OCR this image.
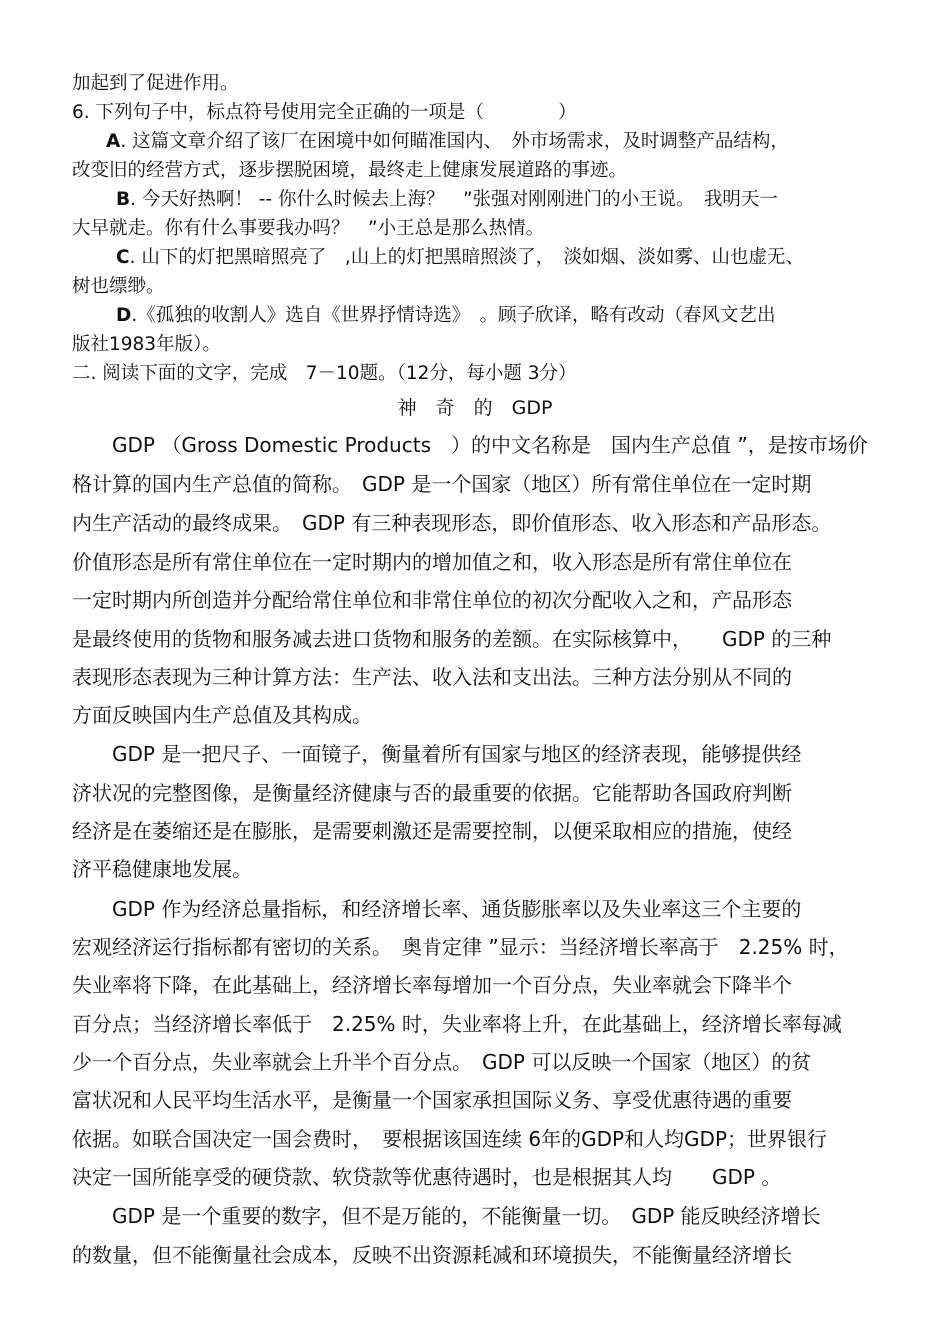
加起到了促进作用。
6. 下列句子中，标点符号使用完全正确的一项是（　　　　）
A. 这篇文章介绍了该厂在困境中如何瞄准国内、　外市场需求，及时调整产品结构，
改变旧的经营方式，逐步摆脱困境，最终走上健康发展道路的事迹。
B. 今天好热啊！ -- 你什么时候去上海？　”张强对刚刚进门的小王说。　我明天一
大早就走。你有什么事要我办吗？　”小王总是那么热情。
C. 山下的灯把黑暗照亮了　,山上的灯把黑暗照淡了，　淡如烟、淡如雾、山也虚无、
树也缥缈。
D.《孤独的收割人》选自《世界抒情诗选》　。顾子欣译，略有改动（春风文艺出
版社1983年版）。
二. 阅读下面的文字，完成　7－10题。（12分，每小题 3分）
神　奇　的　GDP
　　GDP （Gross Domestic Products　）的中文名称是　国内生产总值 ”，是按市场价
格计算的国内生产总值的简称。　GDP 是一个国家（地区）所有常住单位在一定时期
内生产活动的最终成果。　GDP 有三种表现形态，即价值形态、收入形态和产品形态。
价值形态是所有常住单位在一定时期内的增加值之和，收入形态是所有常住单位在
一定时期内所创造并分配给常住单位和非常住单位的初次分配收入之和，产品形态
是最终使用的货物和服务减去进口货物和服务的差额。在实际核算中，　　GDP 的三种
表现形态表现为三种计算方法：生产法、收入法和支出法。三种方法分别从不同的
方面反映国内生产总值及其构成。
　　GDP 是一把尺子、一面镜子，衡量着所有国家与地区的经济表现，能够提供经
济状况的完整图像，是衡量经济健康与否的最重要的依据。它能帮助各国政府判断
经济是在萎缩还是在膨胀，是需要刺激还是需要控制，以便采取相应的措施，使经
济平稳健康地发展。
　　GDP 作为经济总量指标，和经济增长率、通货膨胀率以及失业率这三个主要的
宏观经济运行指标都有密切的关系。　奥肯定律 ”显示：当经济增长率高于　2.25% 时，
失业率将下降，在此基础上，经济增长率每增加一个百分点，失业率就会下降半个
百分点；当经济增长率低于　2.25% 时，失业率将上升，在此基础上，经济增长率每减
少一个百分点，失业率就会上升半个百分点。　GDP 可以反映一个国家（地区）的贫
富状况和人民平均生活水平，是衡量一个国家承担国际义务、享受优惠待遇的重要
依据。如联合国决定一国会费时，　要根据该国连续 6年的GDP和人均GDP；世界银行
决定一国所能享受的硬贷款、软贷款等优惠待遇时，也是根据其人均　　GDP 。
　　GDP 是一个重要的数字，但不是万能的，不能衡量一切。　GDP 能反映经济增长
的数量，但不能衡量社会成本，反映不出资源耗减和环境损失，不能衡量经济增长
